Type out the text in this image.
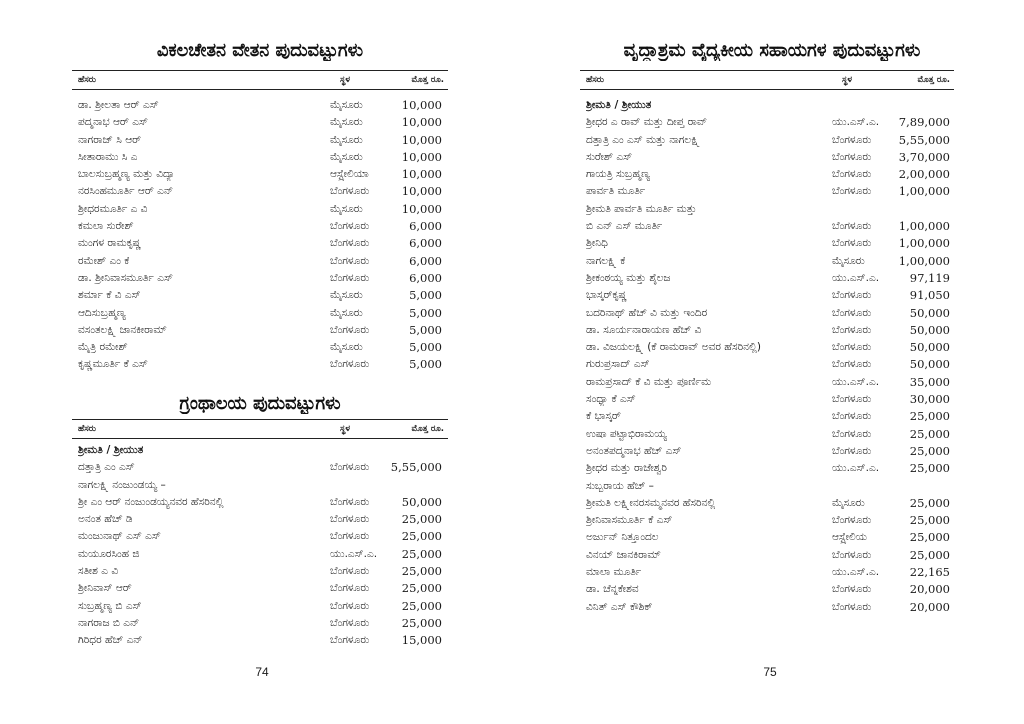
ವಿಕಲಚೇತನ ವೇತನ ಪುದುವಟ್ಟುಗಳು
ಹೆಸರು	ಸ್ಥಳ	ಮೊತ್ತ ರೂ.
ಡಾ. ಶ್ರೀಲತಾ ಆರ್ ಎಸ್	ಮೈಸೂರು	10,000
ಪದ್ಮನಾಭ ಆರ್ ಎಸ್	ಮೈಸೂರು	10,000
ನಾಗರಾಜ್ ಸಿ ಆರ್	ಮೈಸೂರು	10,000
ಸೀತಾರಾಮು ಸಿ ಎ	ಮೈಸೂರು	10,000
ಬಾಲಸುಬ್ರಹ್ಮಣ್ಯ ಮತ್ತು ವಿದ್ಯಾ	ಆಸ್ಟ್ರೇಲಿಯಾ	10,000
ನರಸಿಂಹಮೂರ್ತಿ ಆರ್ ಎನ್	ಬೆಂಗಳೂರು	10,000
ಶ್ರೀಧರಮೂರ್ತಿ ಎ ವಿ	ಮೈಸೂರು	10,000
ಕಮಲಾ ಸುರೇಶ್	ಬೆಂಗಳೂರು	6,000
ಮಂಗಳ ರಾಮಕೃಷ್ಣ	ಬೆಂಗಳೂರು	6,000
ರಮೇಶ್ ಎಂ ಕೆ	ಬೆಂಗಳೂರು	6,000
ಡಾ. ಶ್ರೀನಿವಾಸಮೂರ್ತಿ ಎಸ್	ಬೆಂಗಳೂರು	6,000
ಶರ್ಮಾ ಕೆ ವಿ ಎಸ್	ಮೈಸೂರು	5,000
ಆದಿಸುಬ್ರಹ್ಮಣ್ಯ	ಮೈಸೂರು	5,000
ವಸಂತಲಕ್ಷ್ಮಿ ಜಾನಕೀರಾಮ್	ಬೆಂಗಳೂರು	5,000
ಮೈತ್ರಿ ರಮೇಶ್	ಮೈಸೂರು	5,000
ಕೃಷ್ಣಮೂರ್ತಿ ಕೆ ಎಸ್	ಬೆಂಗಳೂರು	5,000
ಗ್ರಂಥಾಲಯ ಪುದುವಟ್ಟುಗಳು
ಹೆಸರು	ಸ್ಥಳ	ಮೊತ್ತ ರೂ.
ಶ್ರೀಮತಿ / ಶ್ರೀಯುತ
ದತ್ತಾತ್ರಿ ಎಂ ಎಸ್	ಬೆಂಗಳೂರು 5,55,000
ನಾಗಲಕ್ಷ್ಮಿ ನಂಜುಂಡಯ್ಯ –
ಶ್ರೀ ಎಂ ಆರ್ ನಂಜುಂಡಯ್ಯನವರ ಹೆಸರಿನಲ್ಲಿ	ಬೆಂಗಳೂರು	50,000
ಅನಂತ ಹೆಚ್ ಡಿ	ಬೆಂಗಳೂರು	25,000
ಮಂಜುನಾಥ್ ಎಸ್ ಎಸ್	ಬೆಂಗಳೂರು	25,000
ಮಯೂರಸಿಂಹ ಜಿ	ಯು.ಎಸ್.ಎ. 25,000
ಸತೀಶ ಎ ವಿ	ಬೆಂಗಳೂರು	25,000
ಶ್ರೀನಿವಾಸ್ ಆರ್	ಬೆಂಗಳೂರು	25,000
ಸುಬ್ರಹ್ಮಣ್ಯ ಬಿ ಎಸ್	ಬೆಂಗಳೂರು	25,000
ನಾಗರಾಜ ಬಿ ಎನ್	ಬೆಂಗಳೂರು	25,000
ಗಿರಿಧರ ಹೆಚ್ ಎನ್	ಬೆಂಗಳೂರು	15,000
74
ವೃದ್ಧಾಶ್ರಮ ವೈದ್ಯಕೀಯ ಸಹಾಯಗಳ ಪುದುವಟ್ಟುಗಳು
ಹೆಸರು	ಸ್ಥಳ	ಮೊತ್ತ ರೂ.
ಶ್ರೀಮತಿ / ಶ್ರೀಯುತ
ಶ್ರೀಧರ ಎ ರಾವ್ ಮತ್ತು ದೀಪ್ತ ರಾವ್	ಯು.ಎಸ್.ಎ. 7,89,000
ದತ್ತಾತ್ರಿ ಎಂ ಎಸ್ ಮತ್ತು ನಾಗಲಕ್ಷ್ಮಿ	ಬೆಂಗಳೂರು 5,55,000
ಸುರೇಶ್ ಎಸ್	ಬೆಂಗಳೂರು 3,70,000
ಗಾಯತ್ರಿ ಸುಬ್ರಹ್ಮಣ್ಯ	ಬೆಂಗಳೂರು 2,00,000
ಪಾರ್ವತಿ ಮೂರ್ತಿ	ಬೆಂಗಳೂರು 1,00,000
ಶ್ರೀಮತಿ ಪಾರ್ವತಿ ಮೂರ್ತಿ ಮತ್ತು
ಬಿ ಎನ್ ಎಸ್ ಮೂರ್ತಿ	ಬೆಂಗಳೂರು 1,00,000
ಶ್ರೀನಿಧಿ	ಬೆಂಗಳೂರು 1,00,000
ನಾಗಲಕ್ಷ್ಮಿ ಕೆ	ಮೈಸೂರು	1,00,000
ಶ್ರೀಕಂಠಯ್ಯ ಮತ್ತು ಶೈಲಜ	ಯು.ಎಸ್.ಎ.	97,119
ಭಾಸ್ಕರ್‌ಕೃಷ್ಣ	ಬೆಂಗಳೂರು	91,050
ಬದರಿನಾಥ್ ಹೆಚ್ ವಿ ಮತ್ತು ಇಂದಿರ	ಬೆಂಗಳೂರು	50,000
ಡಾ. ಸೂರ್ಯನಾರಾಯಣ ಹೆಚ್ ವಿ	ಬೆಂಗಳೂರು	50,000
ಡಾ. ವಿಜಯಲಕ್ಷ್ಮಿ (ಕೆ ರಾಮರಾವ್ ಅವರ ಹೆಸರಿನಲ್ಲಿ)	ಬೆಂಗಳೂರು	50,000
ಗುರುಪ್ರಸಾದ್ ಎಸ್	ಬೆಂಗಳೂರು	50,000
ರಾಮಪ್ರಸಾದ್ ಕೆ ವಿ ಮತ್ತು ಪೂರ್ಣಿಮ	ಯು.ಎಸ್.ಎ.	35,000
ಸಂಧ್ಯಾ ಕೆ ಎಸ್	ಬೆಂಗಳೂರು	30,000
ಕೆ ಭಾಸ್ಕರ್	ಬೆಂಗಳೂರು	25,000
ಉಷಾ ಪಟ್ಟಾಭಿರಾಮಯ್ಯ	ಬೆಂಗಳೂರು	25,000
ಅನಂತಪದ್ಮನಾಭ ಹೆಚ್ ಎಸ್	ಬೆಂಗಳೂರು	25,000
ಶ್ರೀಧರ ಮತ್ತು ರಾಜೇಶ್ವರಿ	ಯು.ಎಸ್.ಎ.	25,000
ಸುಬ್ಬರಾಯ ಹೆಚ್ –
ಶ್ರೀಮತಿ ಲಕ್ಷ್ಮೀನರಸಮ್ಮನವರ ಹೆಸರಿನಲ್ಲಿ	ಮೈಸೂರು	25,000
ಶ್ರೀನಿವಾಸಮೂರ್ತಿ ಕೆ ಎಸ್	ಬೆಂಗಳೂರು	25,000
ಅರ್ಜುನ್ ನಿತ್ತೂಂದಲ	ಆಸ್ಟ್ರೇಲಿಯ	25,000
ವಿನಯ್ ಜಾನಕಿರಾಮ್	ಬೆಂಗಳೂರು	25,000
ಮಾಲಾ ಮೂರ್ತಿ	ಯು.ಎಸ್.ಎ.	22,165
ಡಾ. ಚೆನ್ನಕೇಶವ	ಬೆಂಗಳೂರು	20,000
ವಿನಿತ್ ಎಸ್ ಕೌಶಿಕ್	ಬೆಂಗಳೂರು	20,000
75
